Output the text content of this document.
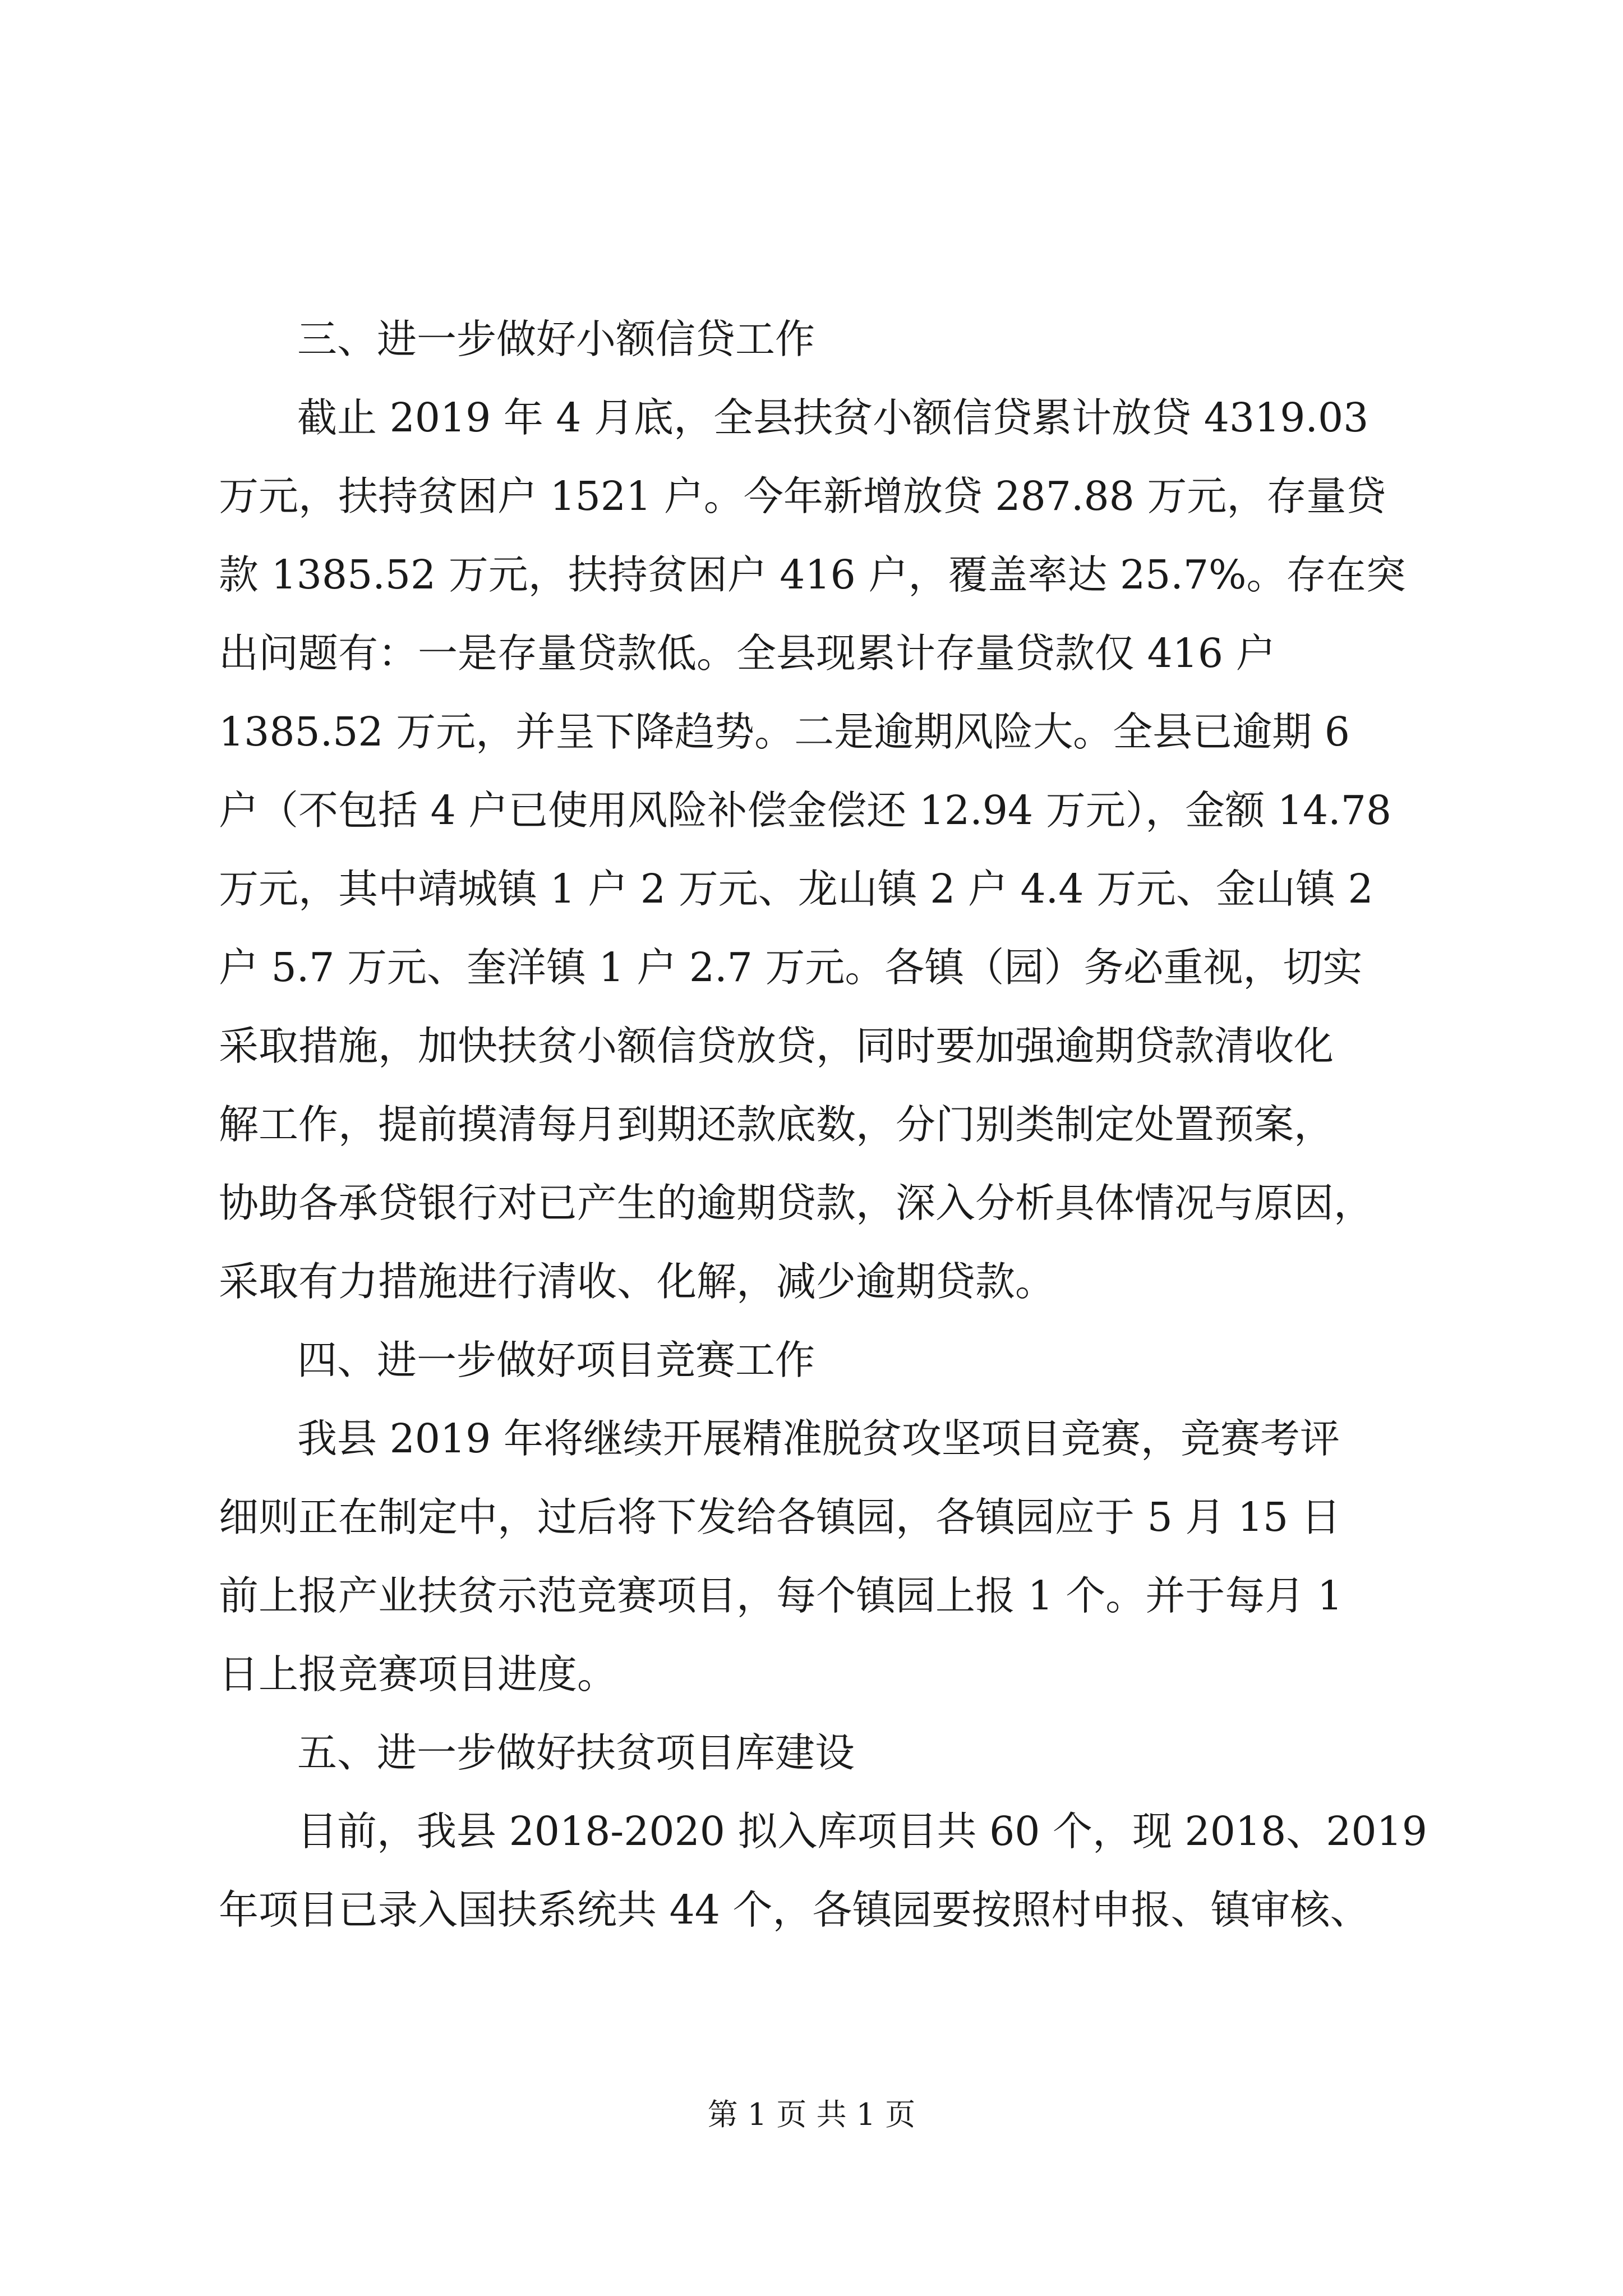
三、进一步做好小额信贷工作
截止 2019 年 4 月底，全县扶贫小额信贷累计放贷 4319.03
万元，扶持贫困户 1521 户。今年新增放贷 287.88 万元，存量贷
款 1385.52 万元，扶持贫困户 416 户，覆盖率达 25.7%。存在突
出问题有：一是存量贷款低。全县现累计存量贷款仅 416 户
1385.52 万元，并呈下降趋势。二是逾期风险大。全县已逾期 6
户（不包括 4 户已使用风险补偿金偿还 12.94 万元），金额 14.78
万元，其中靖城镇 1 户 2 万元、龙山镇 2 户 4.4 万元、金山镇 2
户 5.7 万元、奎洋镇 1 户 2.7 万元。各镇（园）务必重视，切实
采取措施，加快扶贫小额信贷放贷，同时要加强逾期贷款清收化
解工作，提前摸清每月到期还款底数，分门别类制定处置预案，
协助各承贷银行对已产生的逾期贷款，深入分析具体情况与原因，
采取有力措施进行清收、化解，减少逾期贷款。
四、进一步做好项目竞赛工作
我县 2019 年将继续开展精准脱贫攻坚项目竞赛，竞赛考评
细则正在制定中，过后将下发给各镇园，各镇园应于 5 月 15 日
前上报产业扶贫示范竞赛项目，每个镇园上报 1 个。并于每月 1
日上报竞赛项目进度。
五、进一步做好扶贫项目库建设
目前，我县 2018-2020 拟入库项目共 60 个，现 2018、2019
年项目已录入国扶系统共 44 个，各镇园要按照村申报、镇审核、
第 1 页 共 1 页
